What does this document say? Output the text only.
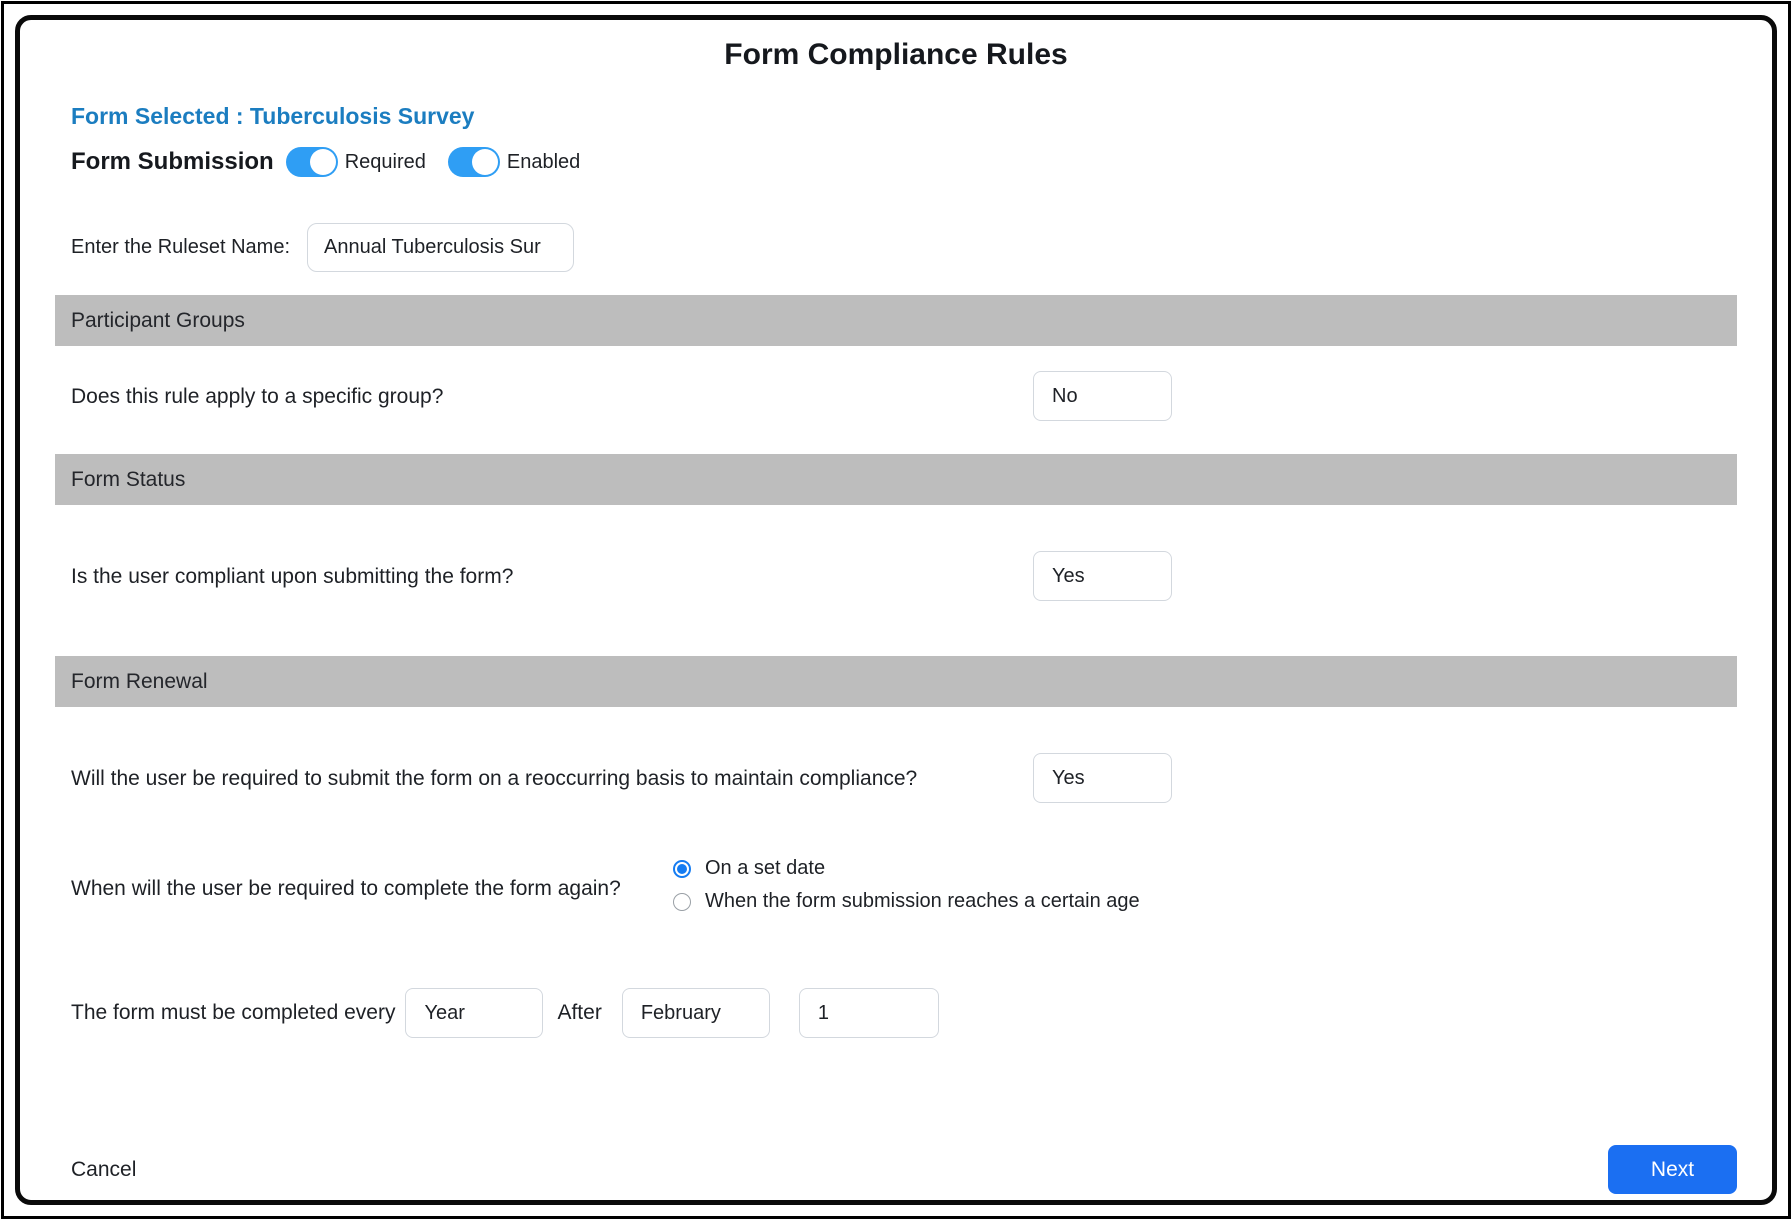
Form Compliance Rules
Form Selected : Tuberculosis Survey
Form Submission	Required	Enabled
Enter the Ruleset Name:
Annual Tuberculosis Sur
Participant Groups
Does this rule apply to a specific group?	No
Form Status
Is the user compliant upon submitting the form?	Yes
Form Renewal
Will the user be required to submit the form on a reoccurring basis to maintain compliance?	Yes
When will the user be required to complete the form again?
On a set date
When the form submission reaches a certain age
The form must be completed every Year	After February	1
Cancel	Next
